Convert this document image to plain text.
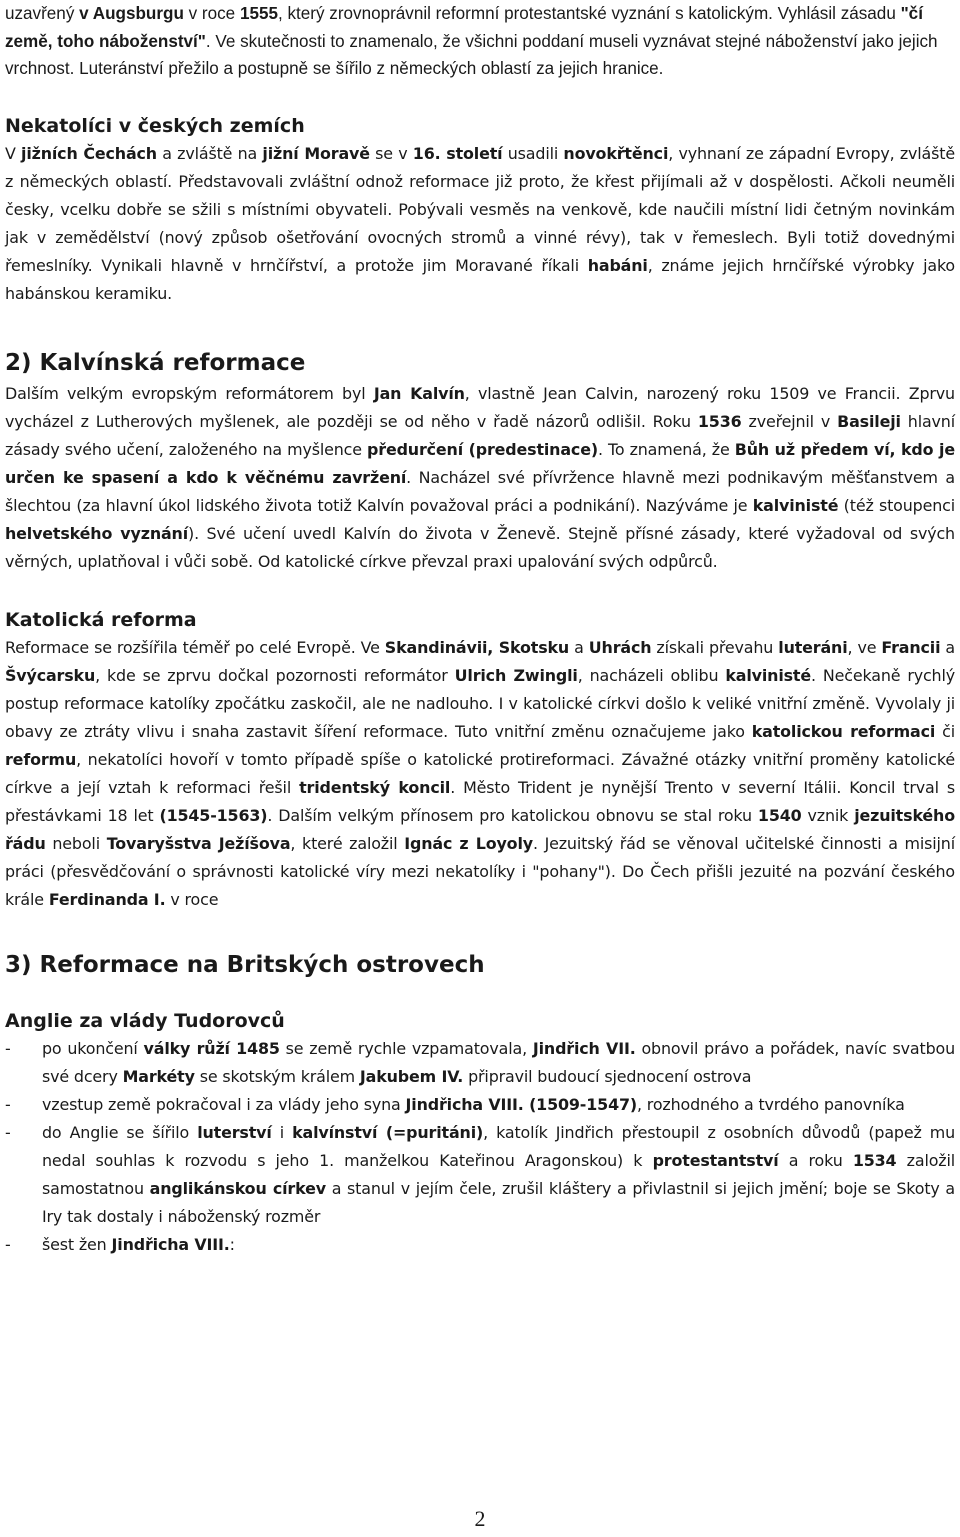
uzavřený v Augsburgu v roce 1555, který zrovnoprávnil reformní protestantské vyznání s katolickým. Vyhlásil zásadu "čí země, toho náboženství". Ve skutečnosti to znamenalo, že všichni poddaní museli vyznávat stejné náboženství jako jejich vrchnost. Luteránství přežilo a postupně se šířilo z německých oblastí za jejich hranice.

Nekatolíci v českých zemích

V jižních Čechách a zvláště na jižní Moravě se v 16. století usadili novokřtěnci, vyhnaní ze západní Evropy, zvláště z německých oblastí. Představovali zvláštní odnož reformace již proto, že křest přijímali až v dospělosti. Ačkoli neuměli česky, vcelku dobře se sžili s místními obyvateli. Pobývali vesměs na venkově, kde naučili místní lidi četným novinkám jak v zemědělství (nový způsob ošetřování ovocných stromů a vinné révy), tak v řemeslech. Byli totiž dovednými řemeslníky. Vynikali hlavně v hrnčířství, a protože jim Moravané říkali habáni, známe jejich hrnčířské výrobky jako habánskou keramiku.

2) Kalvínská reformace

Dalším velkým evropským reformátorem byl Jan Kalvín, vlastně Jean Calvin, narozený roku 1509 ve Francii. Zprvu vycházel z Lutherových myšlenek, ale později se od něho v řadě názorů odlišil. Roku 1536 zveřejnil v Basileji hlavní zásady svého učení, založeného na myšlence předurčení (predestinace). To znamená, že Bůh už předem ví, kdo je určen ke spasení a kdo k věčnému zavržení. Nacházel své přívržence hlavně mezi podnikavým měšťanstvem a šlechtou (za hlavní úkol lidského života totiž Kalvín považoval práci a podnikání). Nazýváme je kalvinisté (též stoupenci helvetského vyznání). Své učení uvedl Kalvín do života v Ženevě. Stejně přísné zásady, které vyžadoval od svých věrných, uplatňoval i vůči sobě. Od katolické církve převzal praxi upalování svých odpůrců.

Katolická reforma

Reformace se rozšířila téměř po celé Evropě. Ve Skandinávii, Skotsku a Uhrách získali převahu luteráni, ve Francii a Švýcarsku, kde se zprvu dočkal pozornosti reformátor Ulrich Zwingli, nacházeli oblibu kalvinisté. Nečekaně rychlý postup reformace katolíky zpočátku zaskočil, ale ne nadlouho. I v katolické církvi došlo k veliké vnitřní změně. Vyvolaly ji obavy ze ztráty vlivu i snaha zastavit šíření reformace. Tuto vnitřní změnu označujeme jako katolickou reformaci či reformu, nekatolíci hovoří v tomto případě spíše o katolické protireformaci. Závažné otázky vnitřní proměny katolické církve a její vztah k reformaci řešil tridentský koncil. Město Trident je nynější Trento v severní Itálii. Koncil trval s přestávkami 18 let (1545-1563). Dalším velkým přínosem pro katolickou obnovu se stal roku 1540 vznik jezuitského řádu neboli Tovaryšstva Ježíšova, které založil Ignác z Loyoly. Jezuitský řád se věnoval učitelské činnosti a misijní práci (přesvědčování o správnosti katolické víry mezi nekatolíky i "pohany"). Do Čech přišli jezuité na pozvání českého krále Ferdinanda I. v roce

3) Reformace na Britských ostrovech
Anglie za vlády Tudorovců
- po ukončení války růží 1485 se země rychle vzpamatovala, Jindřich VII. obnovil právo a pořádek, navíc svatbou své dcery Markéty se skotským králem Jakubem IV. připravil budoucí sjednocení ostrova
- vzestup země pokračoval i za vlády jeho syna Jindřicha VIII. (1509-1547), rozhodného a tvrdého panovníka
- do Anglie se šířilo luterství i kalvínství (=puritáni), katolík Jindřich přestoupil z osobních důvodů (papež mu nedal souhlas k rozvodu s jeho 1. manželkou Kateřinou Aragonskou) k protestantství a roku 1534 založil samostatnou anglikánskou církev a stanul v jejím čele, zrušil kláštery a přivlastnil si jejich jmění; boje se Skoty a Iry tak dostaly i náboženský rozměr
- šest žen Jindřicha VIII.:
2
